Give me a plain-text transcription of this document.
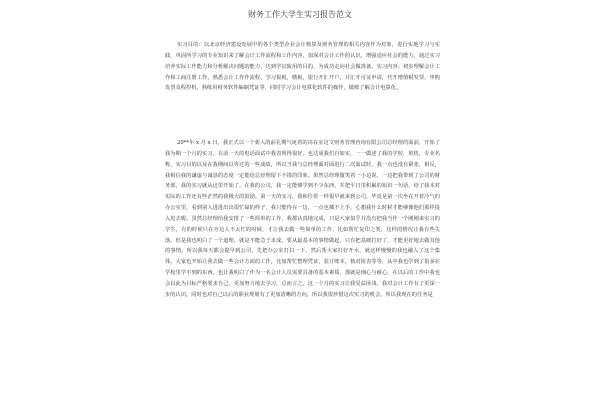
财务工作大学生实习报告范文
实习目的：以北京经济建设发展中的各个类型企业会计核算及财务管理的相关内容作为对象，进行实地学习与实践，巩固所学习的专业知识来了解会计工作流程和工作内容，加深对会计工作的认识，增强适应社会的能力，通过实习培养实际工作能力和分析解决问题的能力，达到学以致用的目的，为成功走向社会做准备。实习内容：初步理解会计工作和工商注册工作，熟悉会计工作作流程，学习报税，缴税，银行开汇开户，并汇开可证申请，代开增值税发票，申购发票及程控机，熟练用财务软件编制凭证等，同时学习会计电算化软件的操作，做账了解会计电算化。
20**年 x 月 x 日，我正式以一个新入的前孔期气诞着的岗在室这文财务管理咨询有限公司总经理的面前，开始了我为期一个月的实习。在前一天的电话面试中我表现得很好，也达成我们自如实，一一做述了我的学校，班机，专业名称，实习目的以及在我期间以等过的一些成绩，所以当我与总经理面对面进行二次面试时，我一点也没有紧张，相反，我相信我的谦虚与诚恳的态度一定能给总经理留下不错的印象。果然总经理微笑着一小边说，一边把我带到了公司的财务部，我的实习就从这里开始了。在我的公司，我一定能够学到不少东西，并把平日里积累的知识一句话，给了我本对实际的工作还有些茫然的我极大的鼓励。第一天的实习，我和往常一样很早就来到公司，毕竟是第一次坐在开着冷气的办公室里，看到别人进进出出很忙碌的样子，我只能待在一边，一点也插不上手，心想我什么时候才能够像他们那样投入进去呢。虽然总经理给我安排了一些简单的工作，我都认真地完成，只是大家似乎并没有把我当作一个刚刚来实习的学生，有的时候只在旁边人不太忙的时候，才让我去做一些简单的工作，比如帮忙复印之类，这样的情况让我有些失落，但是我也明白了一个道理，就是不能急于求成，要从最基本的事情做起，只有把基础打好了，才能更好地去做其他的事情。所以我每天都会提早到公司，先把办公室打扫一下，然后帮大家打好开水，就这样慢慢的我也融入了这个集体，大家也开始让我去做一些会计方面的工作，比如帮忙整理凭证，装订账本，核对报表等等，从中我也学到了很多在学校里学不到的东西。也让我明白了作为一名会计人员需要具备的基本素质，那就是细心与耐心，在以后的工作中我也会以此为目标严格要求自己，更加努力地去学习。总而言之，这一个月的实习让我受益匪浅，我对会计工作有了更深一步的认识，同时也对自己以后的职业规划有了更加清晰的方向，所以我很珍惜这次实习的机会，所以我现在的任务是
